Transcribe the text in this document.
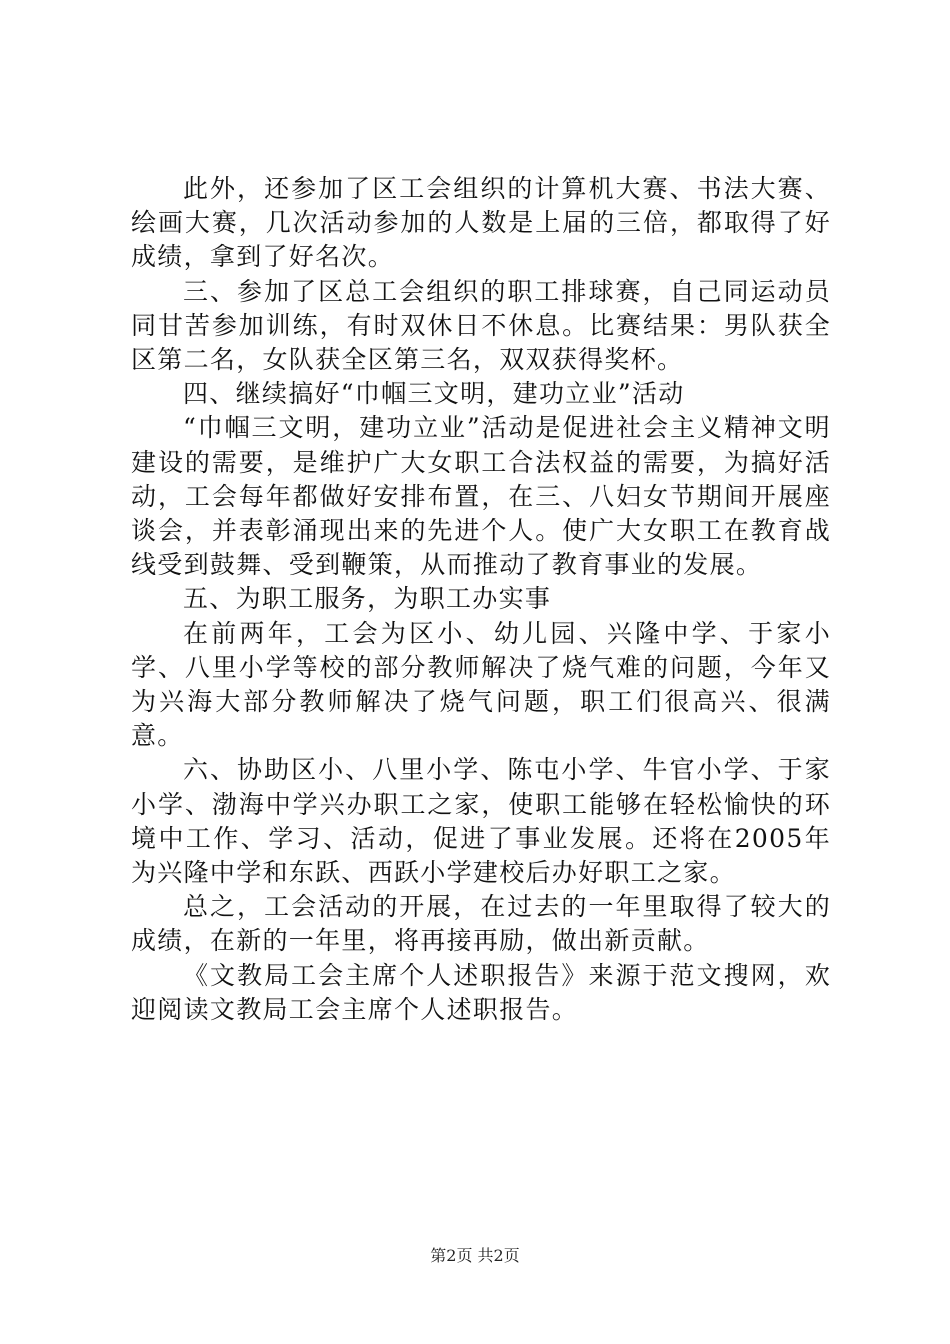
此外，还参加了区工会组织的计算机大赛、书法大赛、绘画大赛，几次活动参加的人数是上届的三倍，都取得了好成绩，拿到了好名次。

三、参加了区总工会组织的职工排球赛，自己同运动员同甘苦参加训练，有时双休日不休息。比赛结果：男队获全区第二名，女队获全区第三名，双双获得奖杯。

四、继续搞好“巾帼三文明，建功立业”活动

“巾帼三文明，建功立业”活动是促进社会主义精神文明建设的需要，是维护广大女职工合法权益的需要，为搞好活动，工会每年都做好安排布置，在三、八妇女节期间开展座谈会，并表彰涌现出来的先进个人。使广大女职工在教育战线受到鼓舞、受到鞭策，从而推动了教育事业的发展。

五、为职工服务，为职工办实事

在前两年，工会为区小、幼儿园、兴隆中学、于家小学、八里小学等校的部分教师解决了烧气难的问题，今年又为兴海大部分教师解决了烧气问题，职工们很高兴、很满意。

六、协助区小、八里小学、陈屯小学、牛官小学、于家小学、渤海中学兴办职工之家，使职工能够在轻松愉快的环境中工作、学习、活动，促进了事业发展。还将在2005年为兴隆中学和东跃、西跃小学建校后办好职工之家。

总之，工会活动的开展，在过去的一年里取得了较大的成绩，在新的一年里，将再接再励，做出新贡献。

《文教局工会主席个人述职报告》来源于范文搜网，欢迎阅读文教局工会主席个人述职报告。

第2页 共2页
